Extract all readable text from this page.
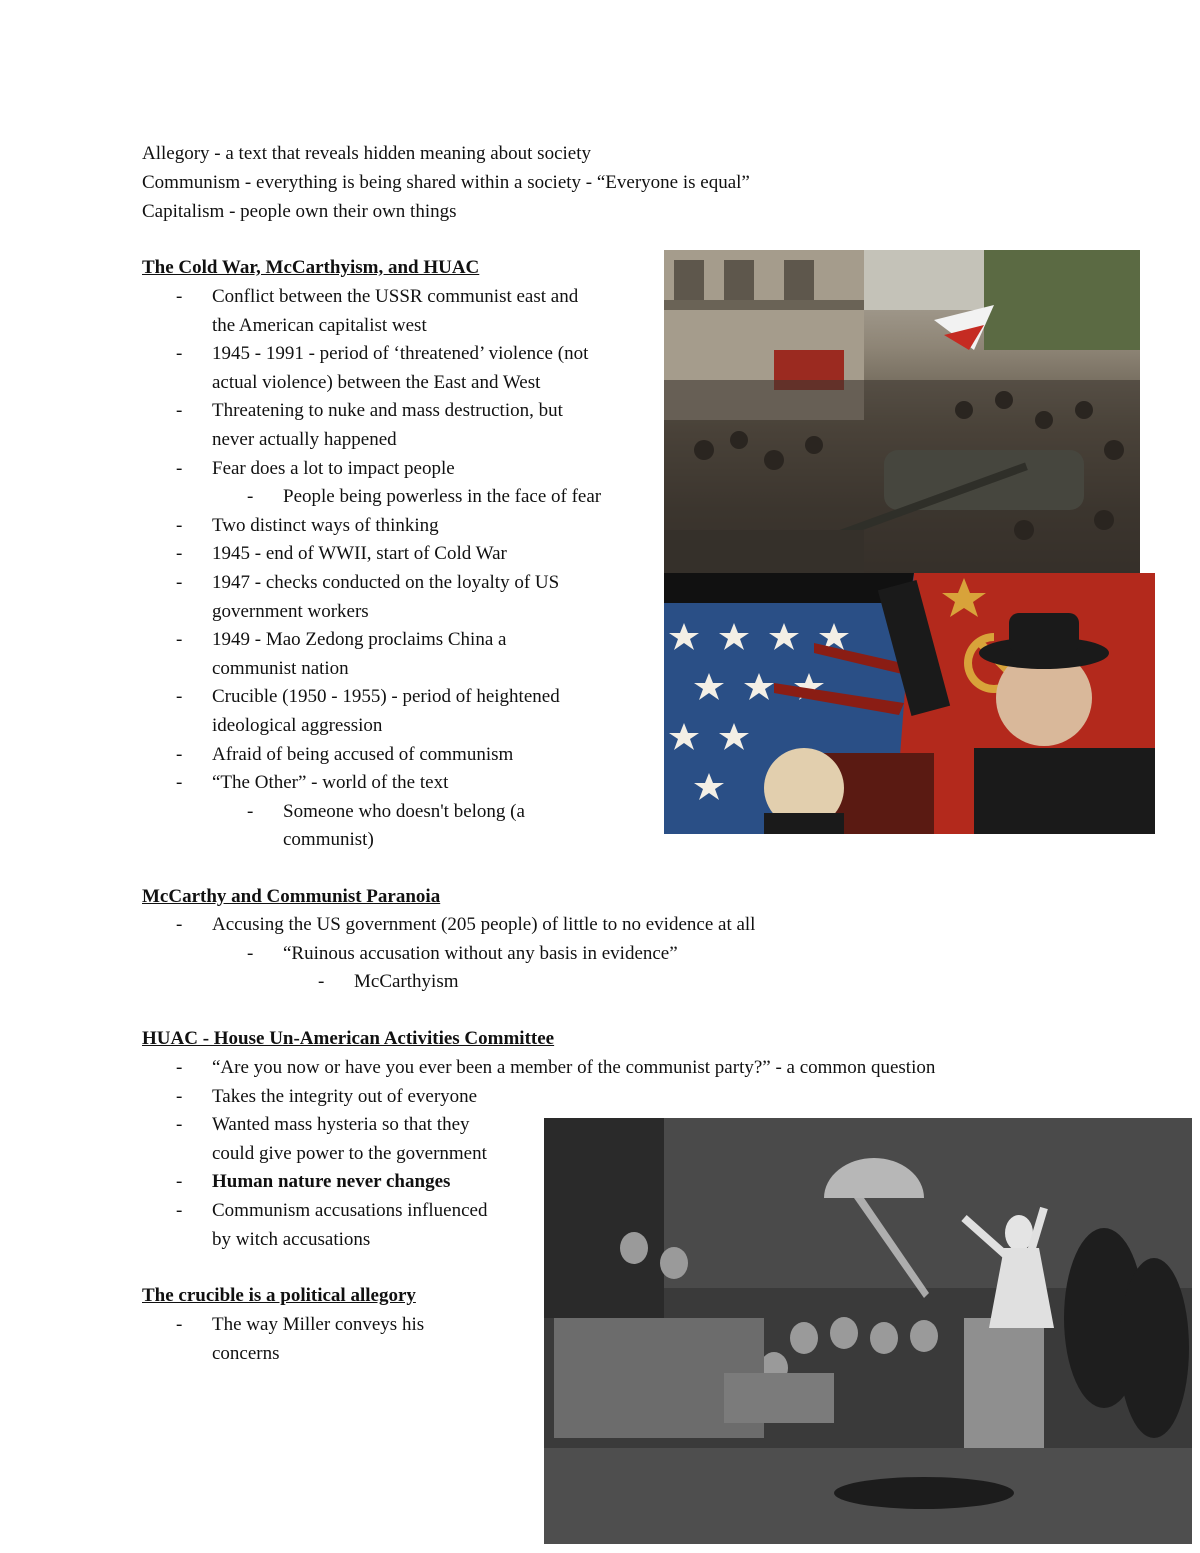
Allegory - a text that reveals hidden meaning about society
Communism - everything is being shared within a society - “Everyone is equal”
Capitalism - people own their own things
The Cold War, McCarthyism, and HUAC
- Conflict between the USSR communist east and
the American capitalist west
- 1945 - 1991 - period of ‘threatened’ violence (not
actual violence) between the East and West
- Threatening to nuke and mass destruction, but
never actually happened
- Fear does a lot to impact people
- People being powerless in the face of fear
- Two distinct ways of thinking
- 1945 - end of WWII, start of Cold War
- 1947 - checks conducted on the loyalty of US
government workers
- 1949 - Mao Zedong proclaims China a
communist nation
- Crucible (1950 - 1955) - period of heightened
ideological aggression
- Afraid of being accused of communism
- “The Other” - world of the text
- Someone who doesn't belong (a
communist)
McCarthy and Communist Paranoia
- Accusing the US government (205 people) of little to no evidence at all
- “Ruinous accusation without any basis in evidence”
- McCarthyism
HUAC - House Un-American Activities Committee
- “Are you now or have you ever been a member of the communist party?” - a common question
- Takes the integrity out of everyone
- Wanted mass hysteria so that they
could give power to the government
- Human nature never changes
- Communism accusations influenced
by witch accusations
The crucible is a political allegory
- The way Miller conveys his
concerns
